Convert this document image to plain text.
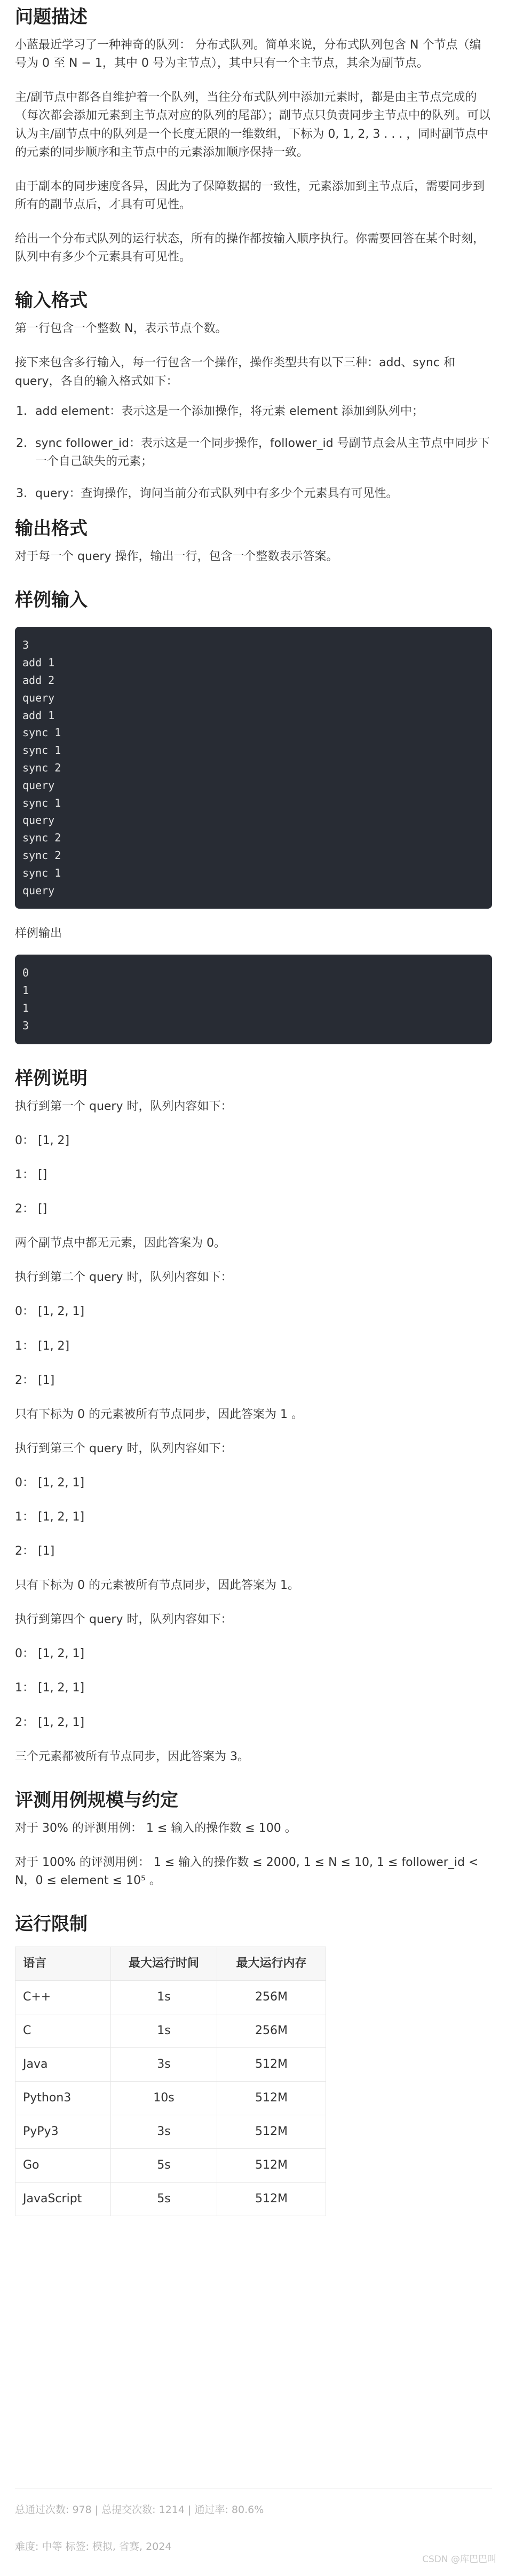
问题描述

小蓝最近学习了一种神奇的队列： 分布式队列。简单来说，分布式队列包含 N 个节点（编号为 0 至 N − 1，其中 0 号为主节点），其中只有一个主节点，其余为副节点。

主/副节点中都各自维护着一个队列，当往分布式队列中添加元素时，都是由主节点完成的（每次都会添加元素到主节点对应的队列的尾部）；副节点只负责同步主节点中的队列。可以认为主/副节点中的队列是一个长度无限的一维数组，下标为 0, 1, 2, 3 . . . ，同时副节点中的元素的同步顺序和主节点中的元素添加顺序保持一致。

由于副本的同步速度各异，因此为了保障数据的一致性，元素添加到主节点后，需要同步到所有的副节点后，才具有可见性。

给出一个分布式队列的运行状态，所有的操作都按输入顺序执行。你需要回答在某个时刻，队列中有多少个元素具有可见性。

输入格式

第一行包含一个整数 N，表示节点个数。

接下来包含多行输入，每一行包含一个操作，操作类型共有以下三种：add、sync 和 query，各自的输入格式如下：

1. add element：表示这是一个添加操作，将元素 element 添加到队列中；
2. sync follower_id：表示这是一个同步操作，follower_id 号副节点会从主节点中同步下一个自己缺失的元素；
3. query：查询操作，询问当前分布式队列中有多少个元素具有可见性。
输出格式

对于每一个 query 操作，输出一行，包含一个整数表示答案。

样例输入
3
add 1
add 2
query
add 1
sync 1
sync 1
sync 2
query
sync 1
query
sync 2
sync 2
sync 1
query

样例输出

0
1
1
3
样例说明

执行到第一个 query 时，队列内容如下：

0： [1, 2]

1： []

2： []

两个副节点中都无元素，因此答案为 0。

执行到第二个 query 时，队列内容如下：

0： [1, 2, 1]

1： [1, 2]

2： [1]

只有下标为 0 的元素被所有节点同步，因此答案为 1 。

执行到第三个 query 时，队列内容如下：

0： [1, 2, 1]

1： [1, 2, 1]

2： [1]

只有下标为 0 的元素被所有节点同步，因此答案为 1。

执行到第四个 query 时，队列内容如下：

0： [1, 2, 1]

1： [1, 2, 1]

2： [1, 2, 1]

三个元素都被所有节点同步，因此答案为 3。

评测用例规模与约定

对于 30% 的评测用例： 1 ≤ 输入的操作数 ≤ 100 。

对于 100% 的评测用例： 1 ≤ 输入的操作数 ≤ 2000, 1 ≤ N ≤ 10, 1 ≤ follower_id < N，0 ≤ element ≤ 10⁵ 。

运行限制
语言	最大运行时间	最大运行内存
C++	1s	256M
C	1s	256M
Java	3s	512M
Python3	10s	512M
PyPy3	3s	512M
Go	5s	512M
JavaScript	5s	512M

总通过次数: 978 | 总提交次数: 1214 | 通过率: 80.6%

难度: 中等 标签: 模拟, 省赛, 2024

CSDN @库巴巴叫
